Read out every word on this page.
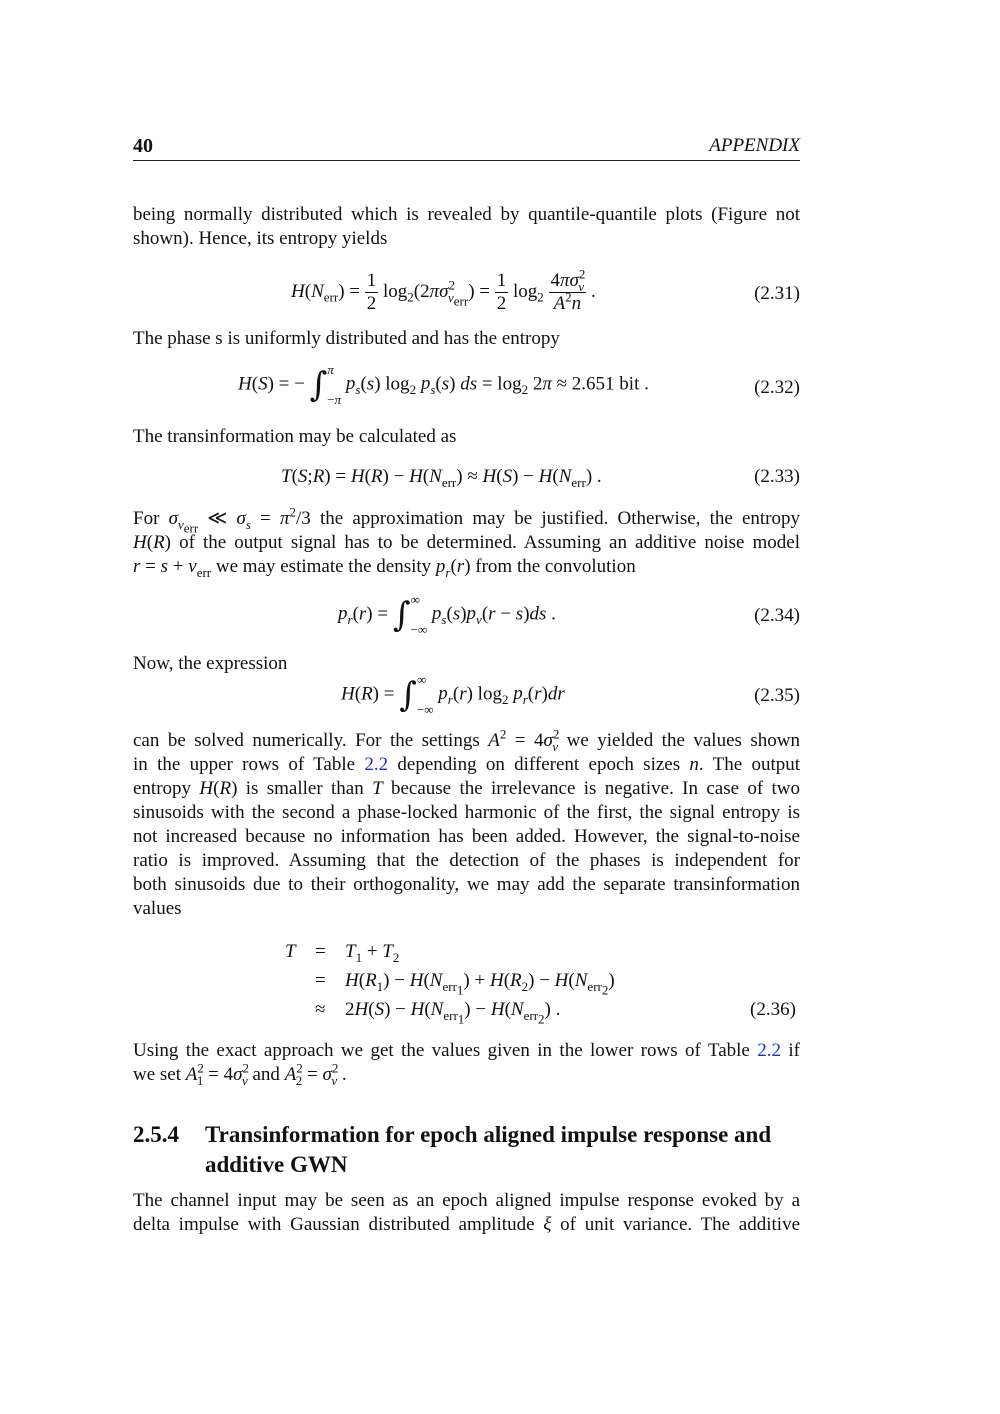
40	APPENDIX
being normally distributed which is revealed by quantile-quantile plots (Figure not
shown). Hence, its entropy yields
$H(N_{err}) = \frac{1}{2} \log_2(2\pi\sigma^2_{\nu_{err}}) = \frac{1}{2} \log_2 \frac{4\pi\sigma^2_\nu}{A^2n}$ .	(2.31)
The phase s is uniformly distributed and has the entropy
H(S) = − ∫ π
−π
$p_s(s)$ $\log_2 p_s(s)$ ds = $\log_2 2\pi \approx 2.651$ bit .	(2.32)
The transinformation may be calculated as
T(S;R) = $H(R) - H(N_{err}) \approx H(S) - H(N_{err})$ .	(2.33)
For $\sigma_{\nu_{err}}$ ≪ $\sigma_s = \pi^2/3$ the approximation may be justified. Otherwise, the entropy
H(R) of the output signal has to be determined. Assuming an additive noise model
$r = s + \nu_{err}$ we may estimate the density $p_r(r)$ from the convolution
$p_r(r)$ = ∫ ∞
−∞
$p_s(s)p_\nu(r - s)ds$ .	(2.34)
Now, the expression
H(R) = ∫ ∞
−∞
$p_r(r)$ $\log_2 p_r(r)dr$	(2.35)
can be solved numerically. For the settings $A^2 = 4\sigma^2_\nu$ we yielded the values shown
in the upper rows of Table 2.2 depending on different epoch sizes n. The output
entropy H(R) is smaller than T because the irrelevance is negative. In case of two
sinusoids with the second a phase-locked harmonic of the first, the signal entropy is
not increased because no information has been added. However, the signal-to-noise
ratio is improved. Assuming that the detection of the phases is independent for
both sinusoids due to their orthogonality, we may add the separate transinformation
values
T	=	$T_1 + T_2$
=	$H(R_1) - H(N_{err_1}) + H(R_2) - H(N_{err_2})$
≈	$2H(S) - H(N_{err_1}) - H(N_{err_2})$ .	(2.36)
Using the exact approach we get the values given in the lower rows of Table 2.2 if
we set $A^2_1 = 4\sigma^2_\nu$ and $A^2_2 = \sigma^2_\nu$ .
2.5.4 Transinformation for epoch aligned impulse response and additive GWN
The channel input may be seen as an epoch aligned impulse response evoked by a
delta impulse with Gaussian distributed amplitude ξ of unit variance. The additive
